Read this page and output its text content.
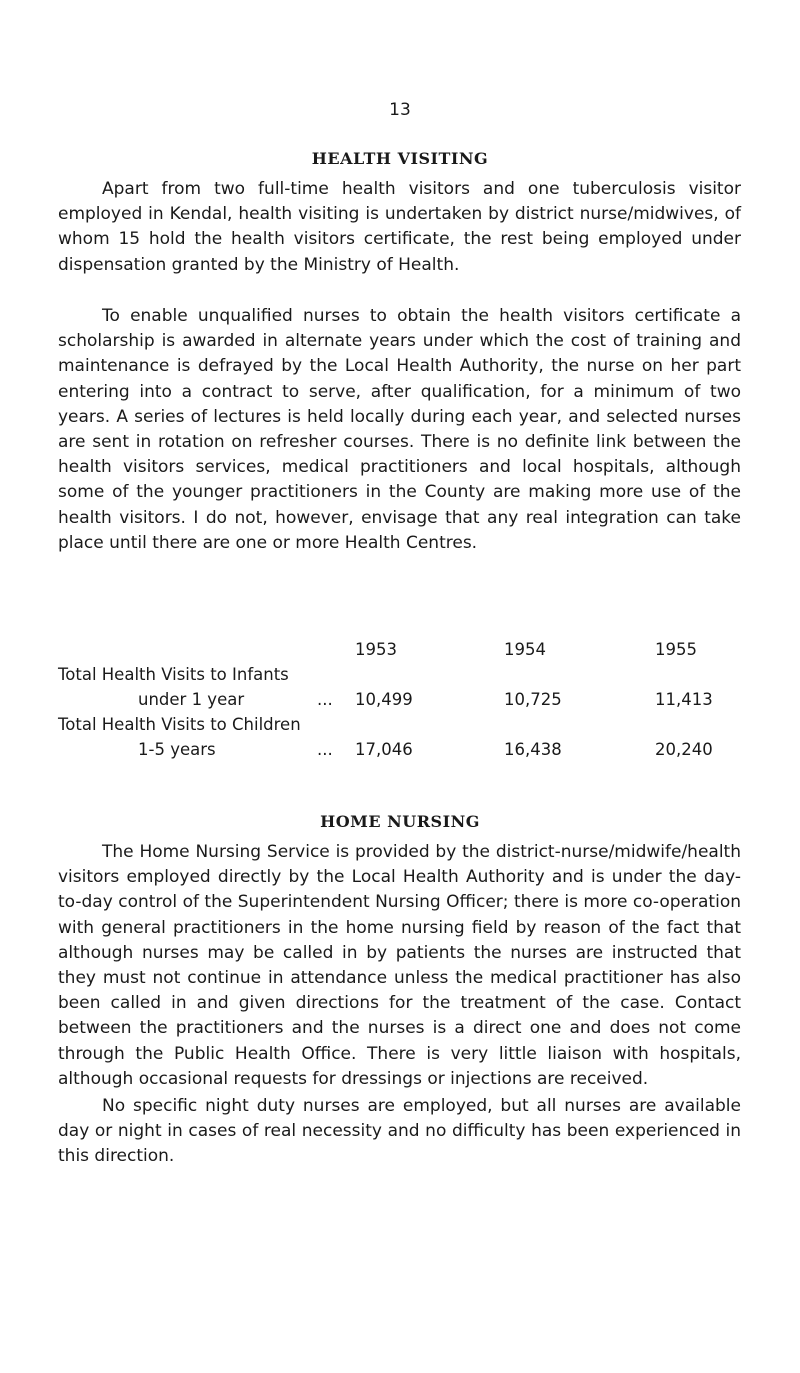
13
HEALTH VISITING

Apart from two full-time health visitors and one tuberculosis visitor employed in Kendal, health visiting is undertaken by district nurse/midwives, of whom 15 hold the health visitors certificate, the rest being employed under dispensation granted by the Ministry of Health.

To enable unqualified nurses to obtain the health visitors certificate a scholarship is awarded in alternate years under which the cost of training and maintenance is defrayed by the Local Health Authority, the nurse on her part entering into a contract to serve, after qualification, for a minimum of two years. A series of lectures is held locally during each year, and selected nurses are sent in rotation on refresher courses. There is no definite link between the health visitors services, medical practitioners and local hospitals, although some of the younger practitioners in the County are making more use of the health visitors. I do not, however, envisage that any real integration can take place until there are one or more Health Centres.

1953	1954	1955
Total Health Visits to Infants
under 1 year	... 10,499	10,725	11,413
Total Health Visits to Children
1-5 years	... 17,046	16,438	20,240
HOME NURSING

The Home Nursing Service is provided by the district-nurse/midwife/health visitors employed directly by the Local Health Authority and is under the day-to-day control of the Superintendent Nursing Officer; there is more co-operation with general practitioners in the home nursing field by reason of the fact that although nurses may be called in by patients the nurses are instructed that they must not continue in attendance unless the medical practitioner has also been called in and given directions for the treatment of the case. Contact between the practitioners and the nurses is a direct one and does not come through the Public Health Office. There is very little liaison with hospitals, although occasional requests for dressings or injections are received.

No specific night duty nurses are employed, but all nurses are available day or night in cases of real necessity and no difficulty has been experienced in this direction.
